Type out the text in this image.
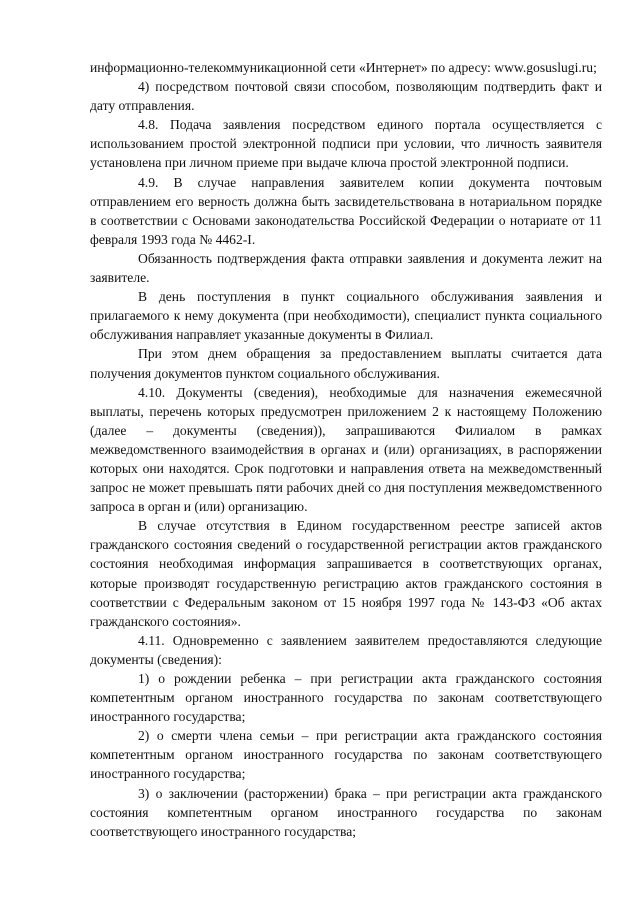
информационно-телекоммуникационной сети «Интернет» по адресу: www.gosuslugi.ru;

4) посредством почтовой связи способом, позволяющим подтвердить факт и дату отправления.

4.8. Подача заявления посредством единого портала осуществляется с использованием простой электронной подписи при условии, что личность заявителя установлена при личном приеме при выдаче ключа простой электронной подписи.

4.9. В случае направления заявителем копии документа почтовым отправлением его верность должна быть засвидетельствована в нотариальном порядке в соответствии с Основами законодательства Российской Федерации о нотариате от 11 февраля 1993 года № 4462-I.

Обязанность подтверждения факта отправки заявления и документа лежит на заявителе.

В день поступления в пункт социального обслуживания заявления и прилагаемого к нему документа (при необходимости), специалист пункта социального обслуживания направляет указанные документы в Филиал.

При этом днем обращения за предоставлением выплаты считается дата получения документов пунктом социального обслуживания.

4.10. Документы (сведения), необходимые для назначения ежемесячной выплаты, перечень которых предусмотрен приложением 2 к настоящему Положению (далее – документы (сведения)), запрашиваются Филиалом в рамках межведомственного взаимодействия в органах и (или) организациях, в распоряжении которых они находятся. Срок подготовки и направления ответа на межведомственный запрос не может превышать пяти рабочих дней со дня поступления межведомственного запроса в орган и (или) организацию.

В случае отсутствия в Едином государственном реестре записей актов гражданского состояния сведений о государственной регистрации актов гражданского состояния необходимая информация запрашивается в соответствующих органах, которые производят государственную регистрацию актов гражданского состояния в соответствии с Федеральным законом от 15 ноября 1997 года № 143-ФЗ «Об актах гражданского состояния».

4.11. Одновременно с заявлением заявителем предоставляются следующие документы (сведения):

1) о рождении ребенка – при регистрации акта гражданского состояния компетентным органом иностранного государства по законам соответствующего иностранного государства;

2) о смерти члена семьи – при регистрации акта гражданского состояния компетентным органом иностранного государства по законам соответствующего иностранного государства;

3) о заключении (расторжении) брака – при регистрации акта гражданского состояния компетентным органом иностранного государства по законам соответствующего иностранного государства;
